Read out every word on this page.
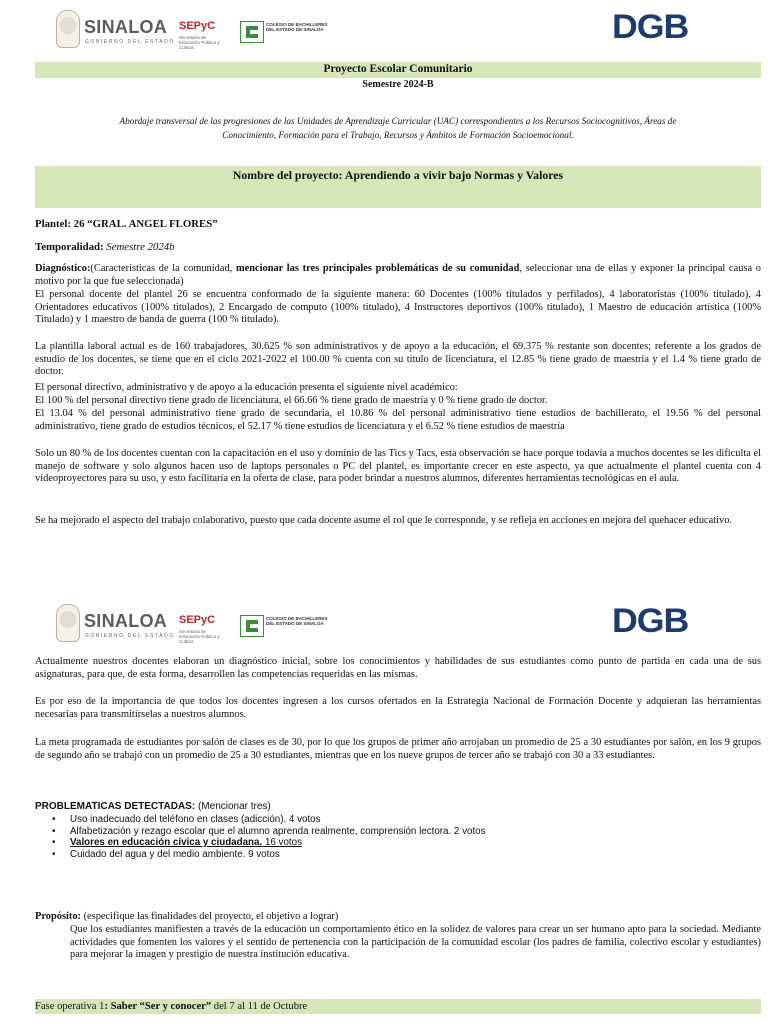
SINALOA
GOBIERNO DEL ESTADO
SEPyC
Secretaría de Educación Pública y Cultura
COLEGIO DE BACHILLERES DEL ESTADO DE SINALOA	DGB
Proyecto Escolar Comunitario
Semestre 2024-B
Abordaje transversal de las progresiones de las Unidades de Aprendizaje Curricular (UAC) correspondientes a los Recursos Sociocognitivos, Áreas de
Conocimiento, Formación para el Trabajo, Recursos y Ámbitos de Formación Socioemocional.
Nombre del proyecto: Aprendiendo a vivir bajo Normas y Valores
Plantel: 26 “GRAL. ANGEL FLORES”
Temporalidad: Semestre 2024b
Diagnóstico:(Características de la comunidad, mencionar las tres principales problemáticas de su comunidad, seleccionar una de ellas y exponer la principal causa o motivo por la que fue seleccionada)
El personal docente del plantel 26 se encuentra conformado de la siguiente manera: 60 Docentes (100% titulados y perfilados), 4 laboratoristas (100% titulado), 4 Orientadores educativos (100% titulados), 2 Encargado de computo (100% titulado), 4 Instructores deportivos (100% titulado), 1 Maestro de educación artística (100% Titulado) y 1 maestro de banda de guerra (100 % titulado).
La plantilla laboral actual es de 160 trabajadores, 30.625 % son administrativos y de apoyo a la educación, el 69.375 % restante son docentes; referente a los grados de estudio de los docentes, se tiene que en el ciclo 2021-2022 el 100.00 % cuenta con su título de licenciatura, el 12.85 % tiene grado de maestría y el 1.4 % tiene grado de doctor.
El personal directivo, administrativo y de apoyo a la educación presenta el siguiente nivel académico:
El 100 % del personal directivo tiene grado de licenciatura, el 66.66 % tiene grado de maestría y 0 % tiene grado de doctor.
El 13.04 % del personal administrativo tiene grado de secundaria, el 10.86 % del personal administrativo tiene estudios de bachillerato, el 19.56 % del personal administrativo, tiene grado de estudios técnicos, el 52.17 % tiene estudios de licenciatura y el 6.52 % tiene estudios de maestría
Solo un 80 % de los docentes cuentan con la capacitación en el uso y dominio de las Tics y Tacs, esta observación se hace porque todavía a muchos docentes se les dificulta el manejo de software y solo algunos hacen uso de laptops personales o PC del plantel, es importante crecer en este aspecto, ya que actualmente el plantel cuenta con 4 videoproyectores para su uso, y esto facilitaría en la oferta de clase, para poder brindar a nuestros alumnos, diferentes herramientas tecnológicas en el aula.
Se ha mejorado el aspecto del trabajo colaborativo, puesto que cada docente asume el rol que le corresponde, y se refleja en acciones en mejora del quehacer educativo.
SINALOA
GOBIERNO DEL ESTADO
SEPyC
Secretaría de Educación Pública y Cultura
COLEGIO DE BACHILLERES DEL ESTADO DE SINALOA	DGB
Actualmente nuestros docentes elaboran un diagnóstico inicial, sobre los conocimientos y habilidades de sus estudiantes como punto de partida en cada una de sus asignaturas, para que, de esta forma, desarrollen las competencias requeridas en las mismas.
Es por eso de la importancia de que todos los docentes ingresen a los cursos ofertados en la Estrategia Nacional de Formación Docente y adquieran las herramientas necesarias para transmitírselas a nuestros alumnos.
La meta programada de estudiantes por salón de clases es de 30, por lo que los grupos de primer año arrojaban un promedio de 25 a 30 estudiantes por salón, en los 9 grupos de segundo año se trabajó con un promedio de 25 a 30 estudiantes, mientras que en los nueve grupos de tercer año se trabajó con 30 a 33 estudiantes.
PROBLEMATICAS DETECTADAS: (Mencionar tres)
• Uso inadecuado del teléfono en clases (adicción). 4 votos
• Alfabetización y rezago escolar que el alumno aprenda realmente, comprensión lectora. 2 votos
• Valores en educación cívica y ciudadana. 16 votos
• Cuidado del agua y del medio ambiente. 9 votos
Propósito: (especifique las finalidades del proyecto, el objetivo a lograr)
Que los estudiantes manifiesten a través de la educación un comportamiento ético en la solidez de valores para crear un ser humano apto para la sociedad. Mediante actividades que fomenten los valores y el sentido de pertenencia con la participación de la comunidad escolar (los padres de familia, colectivo escolar y estudiantes) para mejorar la imagen y prestigio de nuestra institución educativa.
Fase operativa 1: Saber “Ser y conocer” del 7 al 11 de Octubre
